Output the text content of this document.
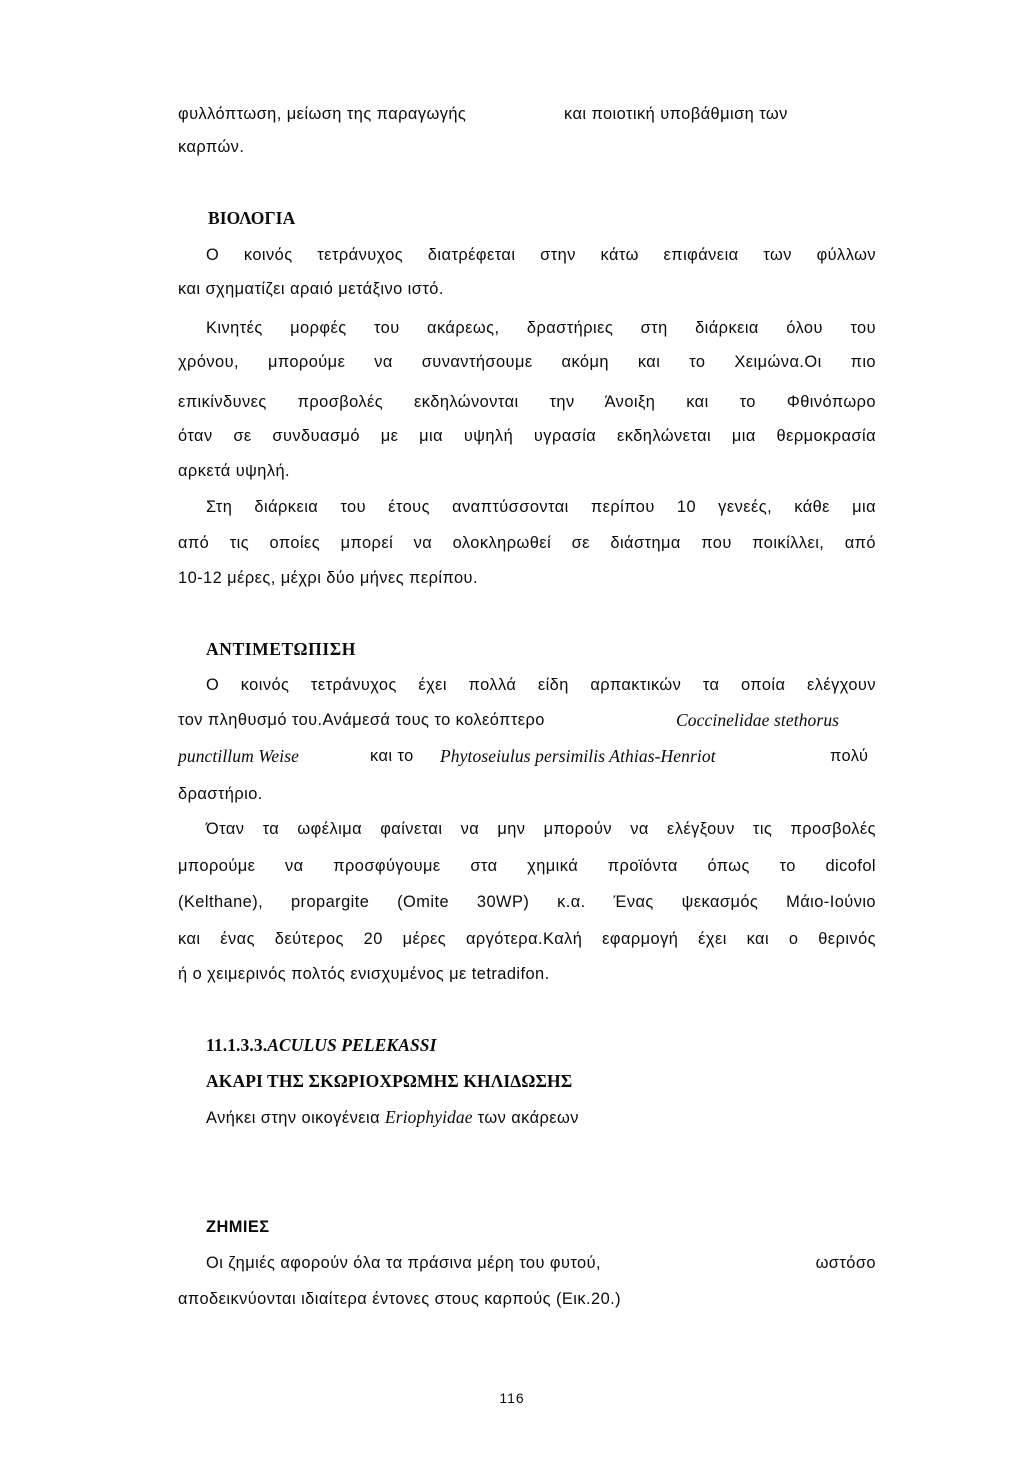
φυλλόπτωση, μείωση της παραγωγής	και ποιοτική υποβάθμιση των
καρπών.
ΒΙΟΛΟΓΙΑ
Ο κοινός τετράνυχος διατρέφεται στην κάτω επιφάνεια των φύλλων
και σχηματίζει αραιό μετάξινο ιστό.
Κινητές μορφές του ακάρεως, δραστήριες στη διάρκεια όλου του
χρόνου, μπορούμε να συναντήσουμε ακόμη και το Χειμώνα.Οι πιο
επικίνδυνες προσβολές εκδηλώνονται την Άνοιξη και το Φθινόπωρο
όταν σε συνδυασμό με μια υψηλή υγρασία εκδηλώνεται μια θερμοκρασία
αρκετά υψηλή.
Στη διάρκεια του έτους αναπτύσσονται περίπου 10 γενεές, κάθε μια
από τις οποίες μπορεί να ολοκληρωθεί σε διάστημα που ποικίλλει, από
10-12 μέρες, μέχρι δύο μήνες περίπου.
ΑΝΤΙΜΕΤΩΠΙΣΗ
Ο κοινός τετράνυχος έχει πολλά είδη αρπακτικών τα οποία ελέγχουν
τον πληθυσμό του.Ανάμεσά τους το κολεόπτερο	Coccinelidae stethorus
punctillum Weise	και το Phytoseiulus persimilis Athias-Henriot	πολύ
δραστήριο.
Όταν τα ωφέλιμα φαίνεται να μην μπορούν να ελέγξουν τις προσβολές
μπορούμε να προσφύγουμε στα χημικά προϊόντα όπως το dicofol
(Kelthane), propargite (Omite 30WP) κ.α. Ένας ψεκασμός Μάιο-Ιούνιο
και ένας δεύτερος 20 μέρες αργότερα.Καλή εφαρμογή έχει και ο θερινός
ή ο χειμερινός πολτός ενισχυμένος με tetradifon.
11.1.3.3.ACULUS PELEKASSI
ΑΚΑΡΙ ΤΗΣ ΣΚΩΡΙΟΧΡΩΜΗΣ ΚΗΛΙΔΩΣΗΣ
Ανήκει στην οικογένεια Eriophyidae των ακάρεων
ΖΗΜΙΕΣ
Οι ζημιές αφορούν όλα τα πράσινα μέρη του φυτού,	ωστόσο
αποδεικνύονται ιδιαίτερα έντονες στους καρπούς (Εικ.20.)
116
